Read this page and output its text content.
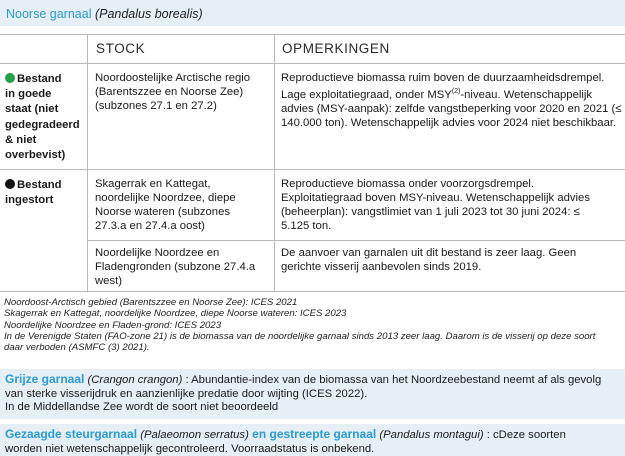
Noorse garnaal (Pandalus borealis)
STOCK	OPMERKINGEN
Bestand
in goede
staat (niet
gedegradeerd
& niet
overbevist)
Noordoostelijke Arctische regio
(Barentszzee en Noorse Zee)
(subzones 27.1 en 27.2)
Reproductieve biomassa ruim boven de duurzaamheidsdrempel.
Lage exploitatiegraad, onder MSY$^{(2)}$-niveau. Wetenschappelijk
advies (MSY-aanpak): zelfde vangstbeperking voor 2020 en 2021 (≤
140.000 ton). Wetenschappelijk advies voor 2024 niet beschikbaar.
Bestand
ingestort
Skagerrak en Kattegat,
noordelijke Noordzee, diepe
Noorse wateren (subzones
27.3.a en 27.4.a oost)
Reproductieve biomassa onder voorzorgsdrempel.
Exploitatiegraad boven MSY-niveau. Wetenschappelijk advies
(beheerplan): vangstlimiet van 1 juli 2023 tot 30 juni 2024: ≤
5.125 ton.
Noordelijke Noordzee en
Fladengronden (subzone 27.4.a
west)
De aanvoer van garnalen uit dit bestand is zeer laag. Geen
gerichte visserij aanbevolen sinds 2019.
Noordoost-Arctisch gebied (Barentszzee en Noorse Zee): ICES 2021
Skagerrak en Kattegat, noordelijke Noordzee, diepe Noorse wateren: ICES 2023
Noordelijke Noordzee en Fladen-grond: ICES 2023
In de Verenigde Staten (FAO-zone 21) is de biomassa van de noordelijke garnaal sinds 2013 zeer laag. Daarom is de visserij op deze soort
daar verboden (ASMFC (3) 2021).
Grijze garnaal (Crangon crangon) : Abundantie-index van de biomassa van het Noordzeebestand neemt af als gevolg
van sterke visserijdruk en aanzienlijke predatie door wijting (ICES 2022).
In de Middellandse Zee wordt de soort niet beoordeeld
Gezaagde steurgarnaal (Palaeomon serratus) en gestreepte garnaal (Pandalus montagui) : cDeze soorten
worden niet wetenschappelijk gecontroleerd. Voorraadstatus is onbekend.
